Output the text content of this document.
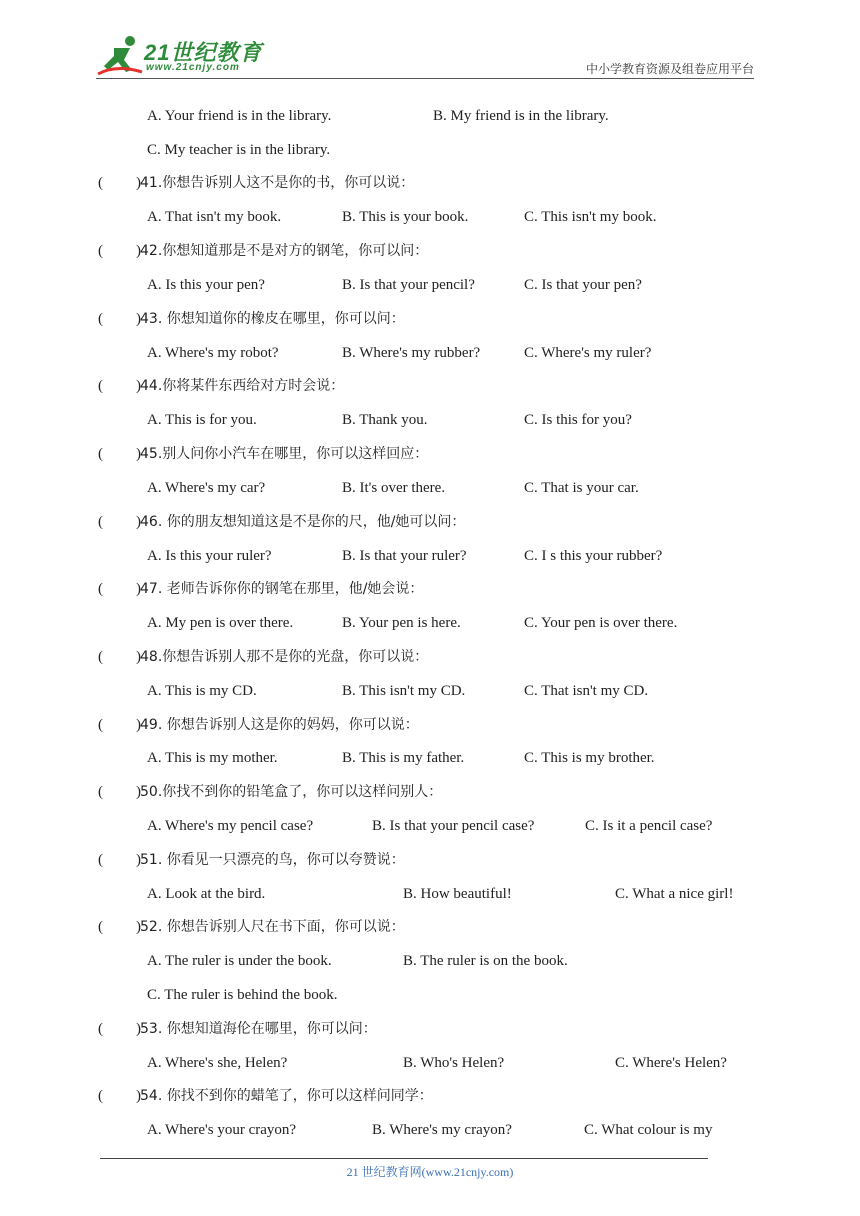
21世纪教育
www.21cnjy.com	中小学教育资源及组卷应用平台
A. Your friend is in the library.	B. My friend is in the library.
C. My teacher is in the library.
( ) 41.你想告诉别人这不是你的书，你可以说：
A. That isn't my book.	B. This is your book.	C. This isn't my book.
( ) 42.你想知道那是不是对方的钢笔，你可以问：
A. Is this your pen?	B. Is that your pencil?	C. Is that your pen?
( ) 43. 你想知道你的橡皮在哪里，你可以问：
A. Where's my robot?	B. Where's my rubber?	C. Where's my ruler?
( ) 44.你将某件东西给对方时会说：
A. This is for you.	B. Thank you.	C. Is this for you?
( ) 45.别人问你小汽车在哪里，你可以这样回应：
A. Where's my car?	B. It's over there.	C. That is your car.
( ) 46. 你的朋友想知道这是不是你的尺，他/她可以问：
A. Is this your ruler?	B. Is that your ruler?	C. I s this your rubber?
( ) 47. 老师告诉你你的钢笔在那里，他/她会说：
A. My pen is over there.	B. Your pen is here.	C. Your pen is over there.
( ) 48.你想告诉别人那不是你的光盘，你可以说：
A. This is my CD.	B. This isn't my CD.	C. That isn't my CD.
( ) 49. 你想告诉别人这是你的妈妈，你可以说：
A. This is my mother.	B. This is my father.	C. This is my brother.
( ) 50.你找不到你的铅笔盒了，你可以这样问别人：
A. Where's my pencil case?	B. Is that your pencil case?	C. Is it a pencil case?
( ) 51. 你看见一只漂亮的鸟，你可以夸赞说：
A. Look at the bird.	B. How beautiful!	C. What a nice girl!
( ) 52. 你想告诉别人尺在书下面，你可以说：
A. The ruler is under the book.	B. The ruler is on the book.
C. The ruler is behind the book.
( ) 53. 你想知道海伦在哪里，你可以问：
A. Where's she, Helen?	B. Who's Helen?	C. Where's Helen?
( ) 54. 你找不到你的蜡笔了，你可以这样问同学：
A. Where's your crayon?	B. Where's my crayon?	C. What colour is my
21 世纪教育网(www.21cnjy.com)
